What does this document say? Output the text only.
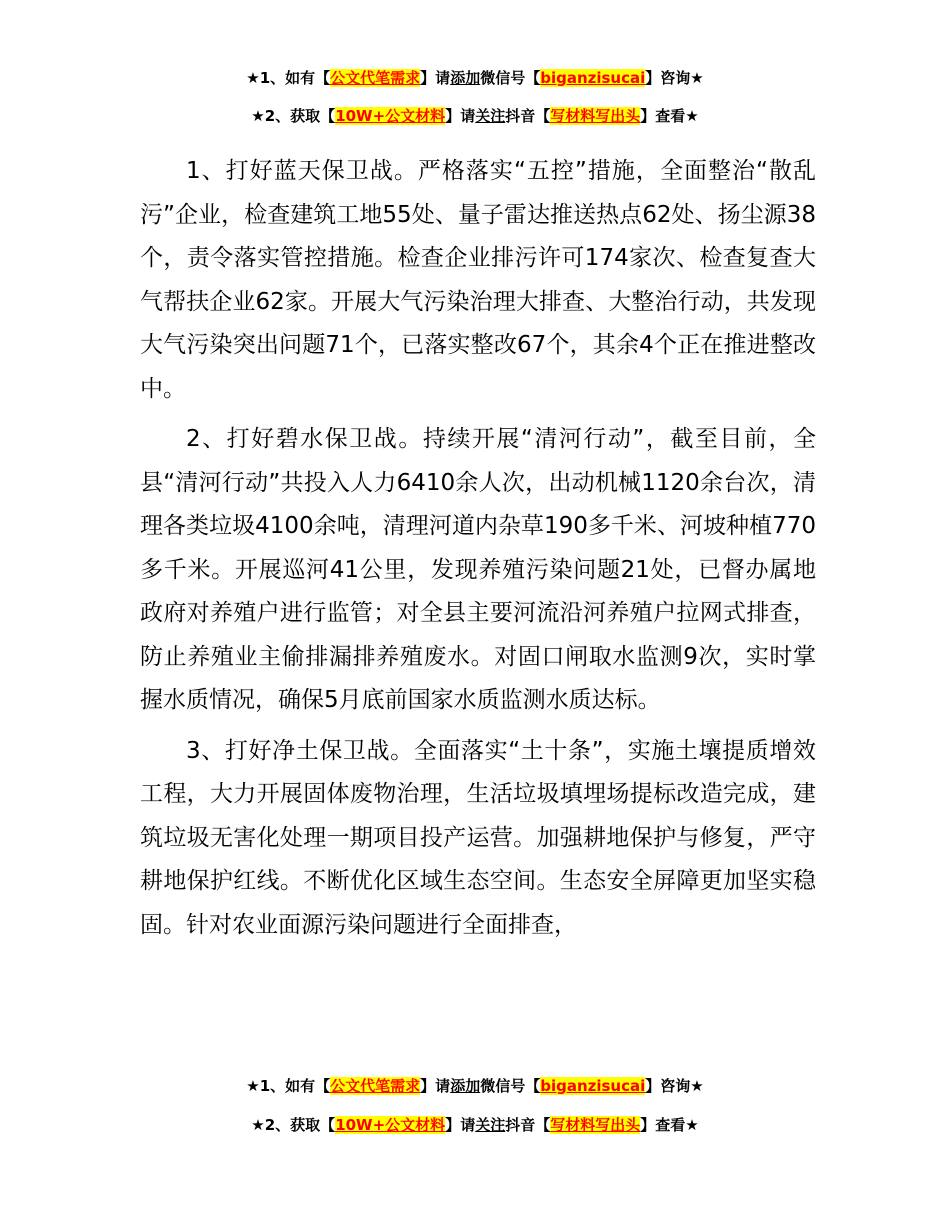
★1、如有【公文代笔需求】请添加微信号【biganzisucai】咨询★
★2、获取【10W+公文材料】请关注抖音【写材料写出头】查看★

1、打好蓝天保卫战。严格落实“五控”措施，全面整治“散乱污”企业，检查建筑工地55处、量子雷达推送热点62处、扬尘源38个，责令落实管控措施。检查企业排污许可174家次、检查复查大气帮扶企业62家。开展大气污染治理大排查、大整治行动，共发现大气污染突出问题71个，已落实整改67个，其余4个正在推进整改中。

2、打好碧水保卫战。持续开展“清河行动”，截至目前，全县“清河行动”共投入人力6410余人次，出动机械1120余台次，清理各类垃圾4100余吨，清理河道内杂草190多千米、河坡种植770多千米。开展巡河41公里，发现养殖污染问题21处，已督办属地政府对养殖户进行监管；对全县主要河流沿河养殖户拉网式排查，防止养殖业主偷排漏排养殖废水。对固口闸取水监测9次，实时掌握水质情况，确保5月底前国家水质监测水质达标。

3、打好净土保卫战。全面落实“土十条”，实施土壤提质增效工程，大力开展固体废物治理，生活垃圾填埋场提标改造完成，建筑垃圾无害化处理一期项目投产运营。加强耕地保护与修复，严守耕地保护红线。不断优化区域生态空间。生态安全屏障更加坚实稳固。针对农业面源污染问题进行全面排查，

★1、如有【公文代笔需求】请添加微信号【biganzisucai】咨询★
★2、获取【10W+公文材料】请关注抖音【写材料写出头】查看★
